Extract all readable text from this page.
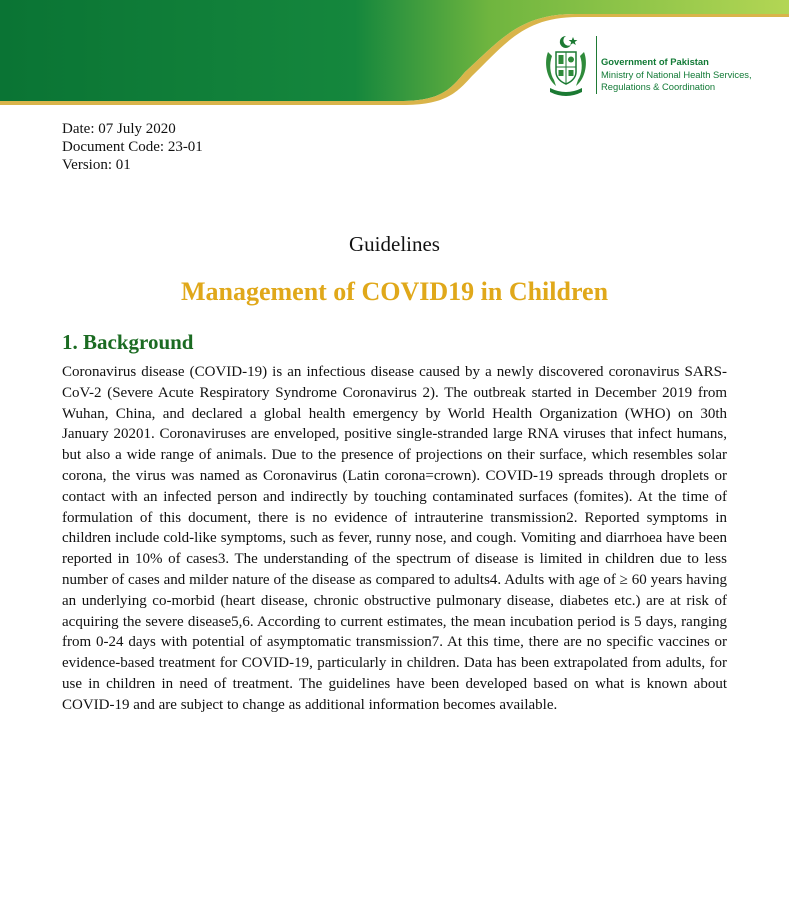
Government of Pakistan
Ministry of National Health Services,
Regulations & Coordination
Date: 07 July 2020
Document Code: 23-01
Version: 01
Guidelines
Management of COVID19 in Children
1. Background

Coronavirus disease (COVID-19) is an infectious disease caused by a newly discovered coronavirus SARS-CoV-2 (Severe Acute Respiratory Syndrome Coronavirus 2). The outbreak started in December 2019 from Wuhan, China, and declared a global health emergency by World Health Organization (WHO) on 30th January 20201. Coronaviruses are enveloped, positive single-stranded large RNA viruses that infect humans, but also a wide range of animals. Due to the presence of projections on their surface, which resembles solar corona, the virus was named as Coronavirus (Latin corona=crown). COVID-19 spreads through droplets or contact with an infected person and indirectly by touching contaminated surfaces (fomites). At the time of formulation of this document, there is no evidence of intrauterine transmission2. Reported symptoms in children include cold-like symptoms, such as fever, runny nose, and cough. Vomiting and diarrhoea have been reported in 10% of cases3. The understanding of the spectrum of disease is limited in children due to less number of cases and milder nature of the disease as compared to adults4. Adults with age of ≥ 60 years having an underlying co-morbid (heart disease, chronic obstructive pulmonary disease, diabetes etc.) are at risk of acquiring the severe disease5,6. According to current estimates, the mean incubation period is 5 days, ranging from 0-24 days with potential of asymptomatic transmission7. At this time, there are no specific vaccines or evidence-based treatment for COVID-19, particularly in children. Data has been extrapolated from adults, for use in children in need of treatment. The guidelines have been developed based on what is known about COVID-19 and are subject to change as additional information becomes available.
